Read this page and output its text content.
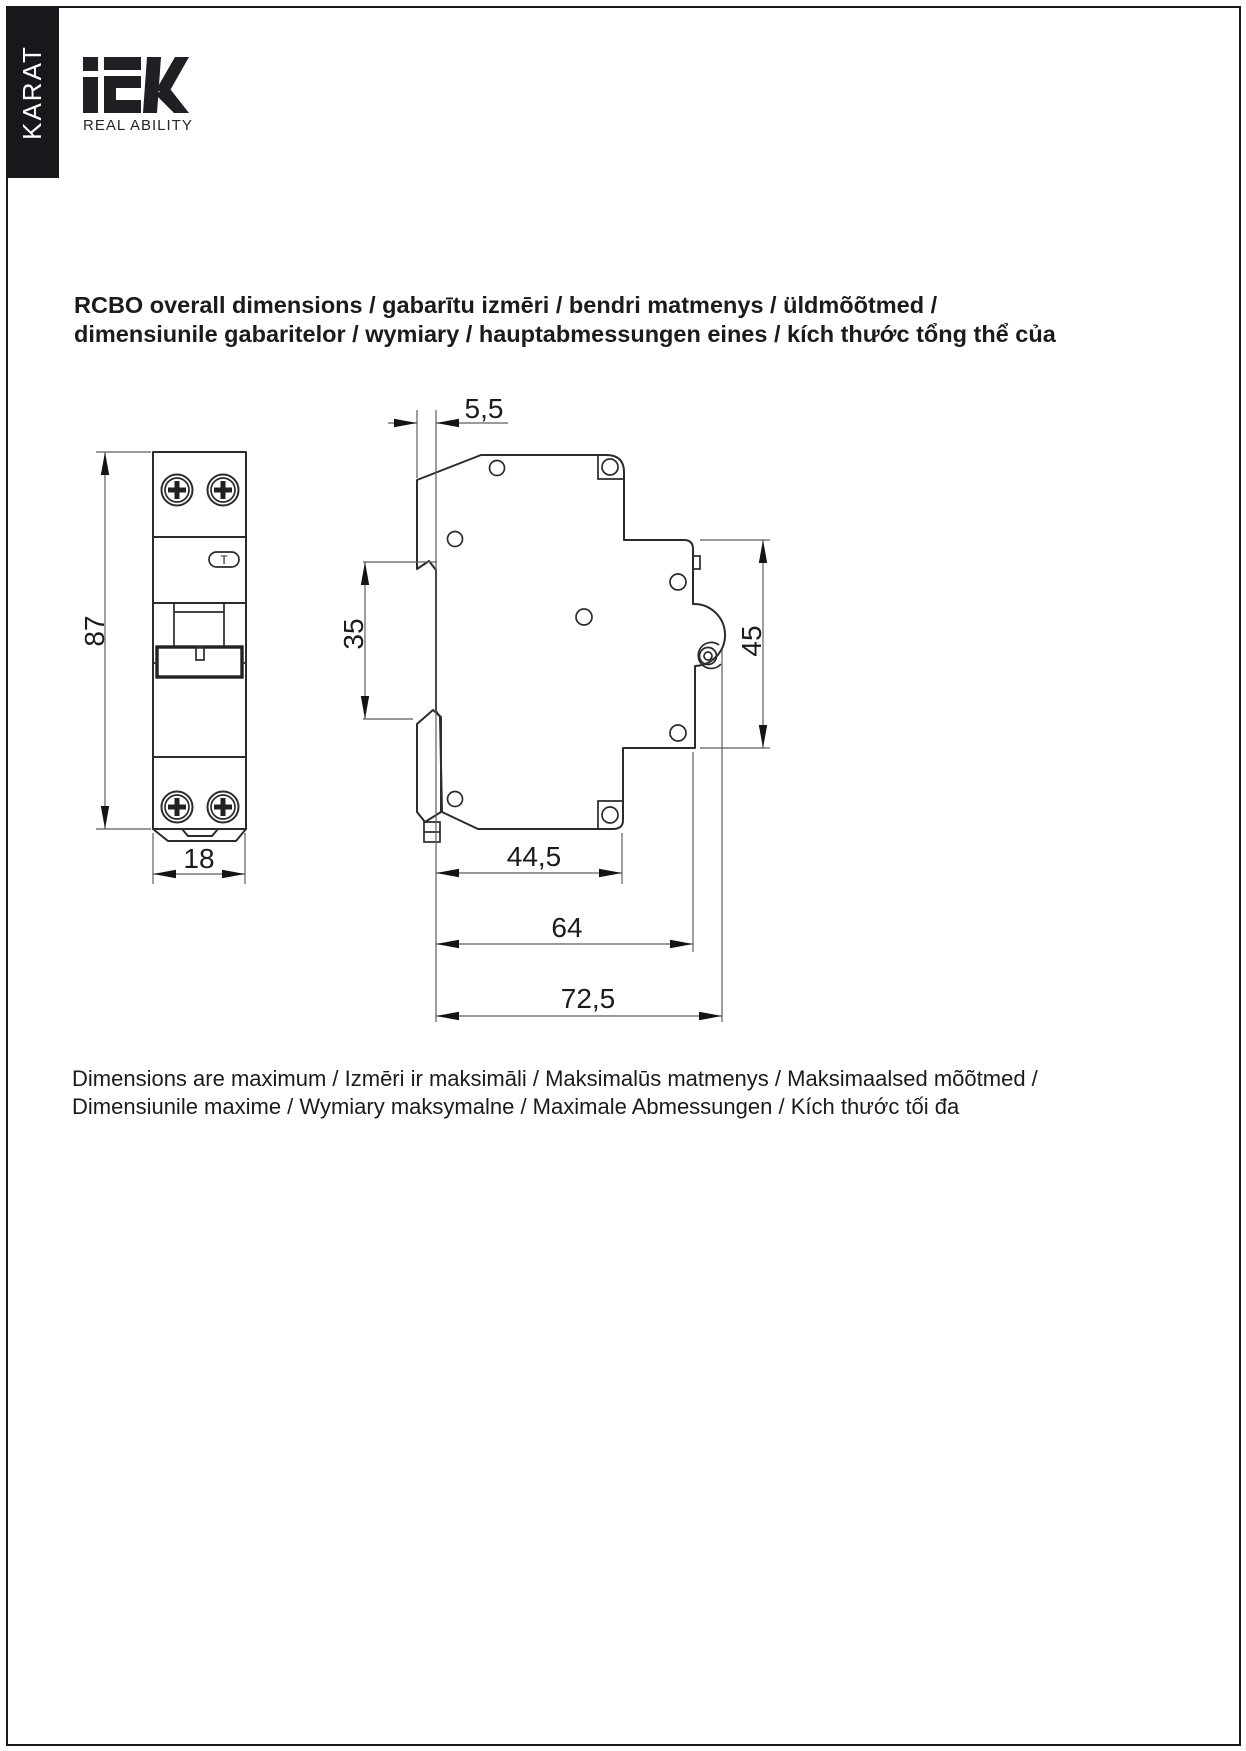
KARAT REAL ABILITY
RCBO overall dimensions / gabarītu izmēri / bendri matmenys / üldmõõtmed /
dimensiunile gabaritelor / wymiary / hauptabmessungen eines / kích thước tổng thể của
T
87
18
5,5
35	45
44,5
64
72,5
Dimensions are maximum / Izmēri ir maksimāli / Maksimalūs matmenys / Maksimaalsed mõõtmed /
Dimensiunile maxime / Wymiary maksymalne / Maximale Abmessungen / Kích thước tối đa
